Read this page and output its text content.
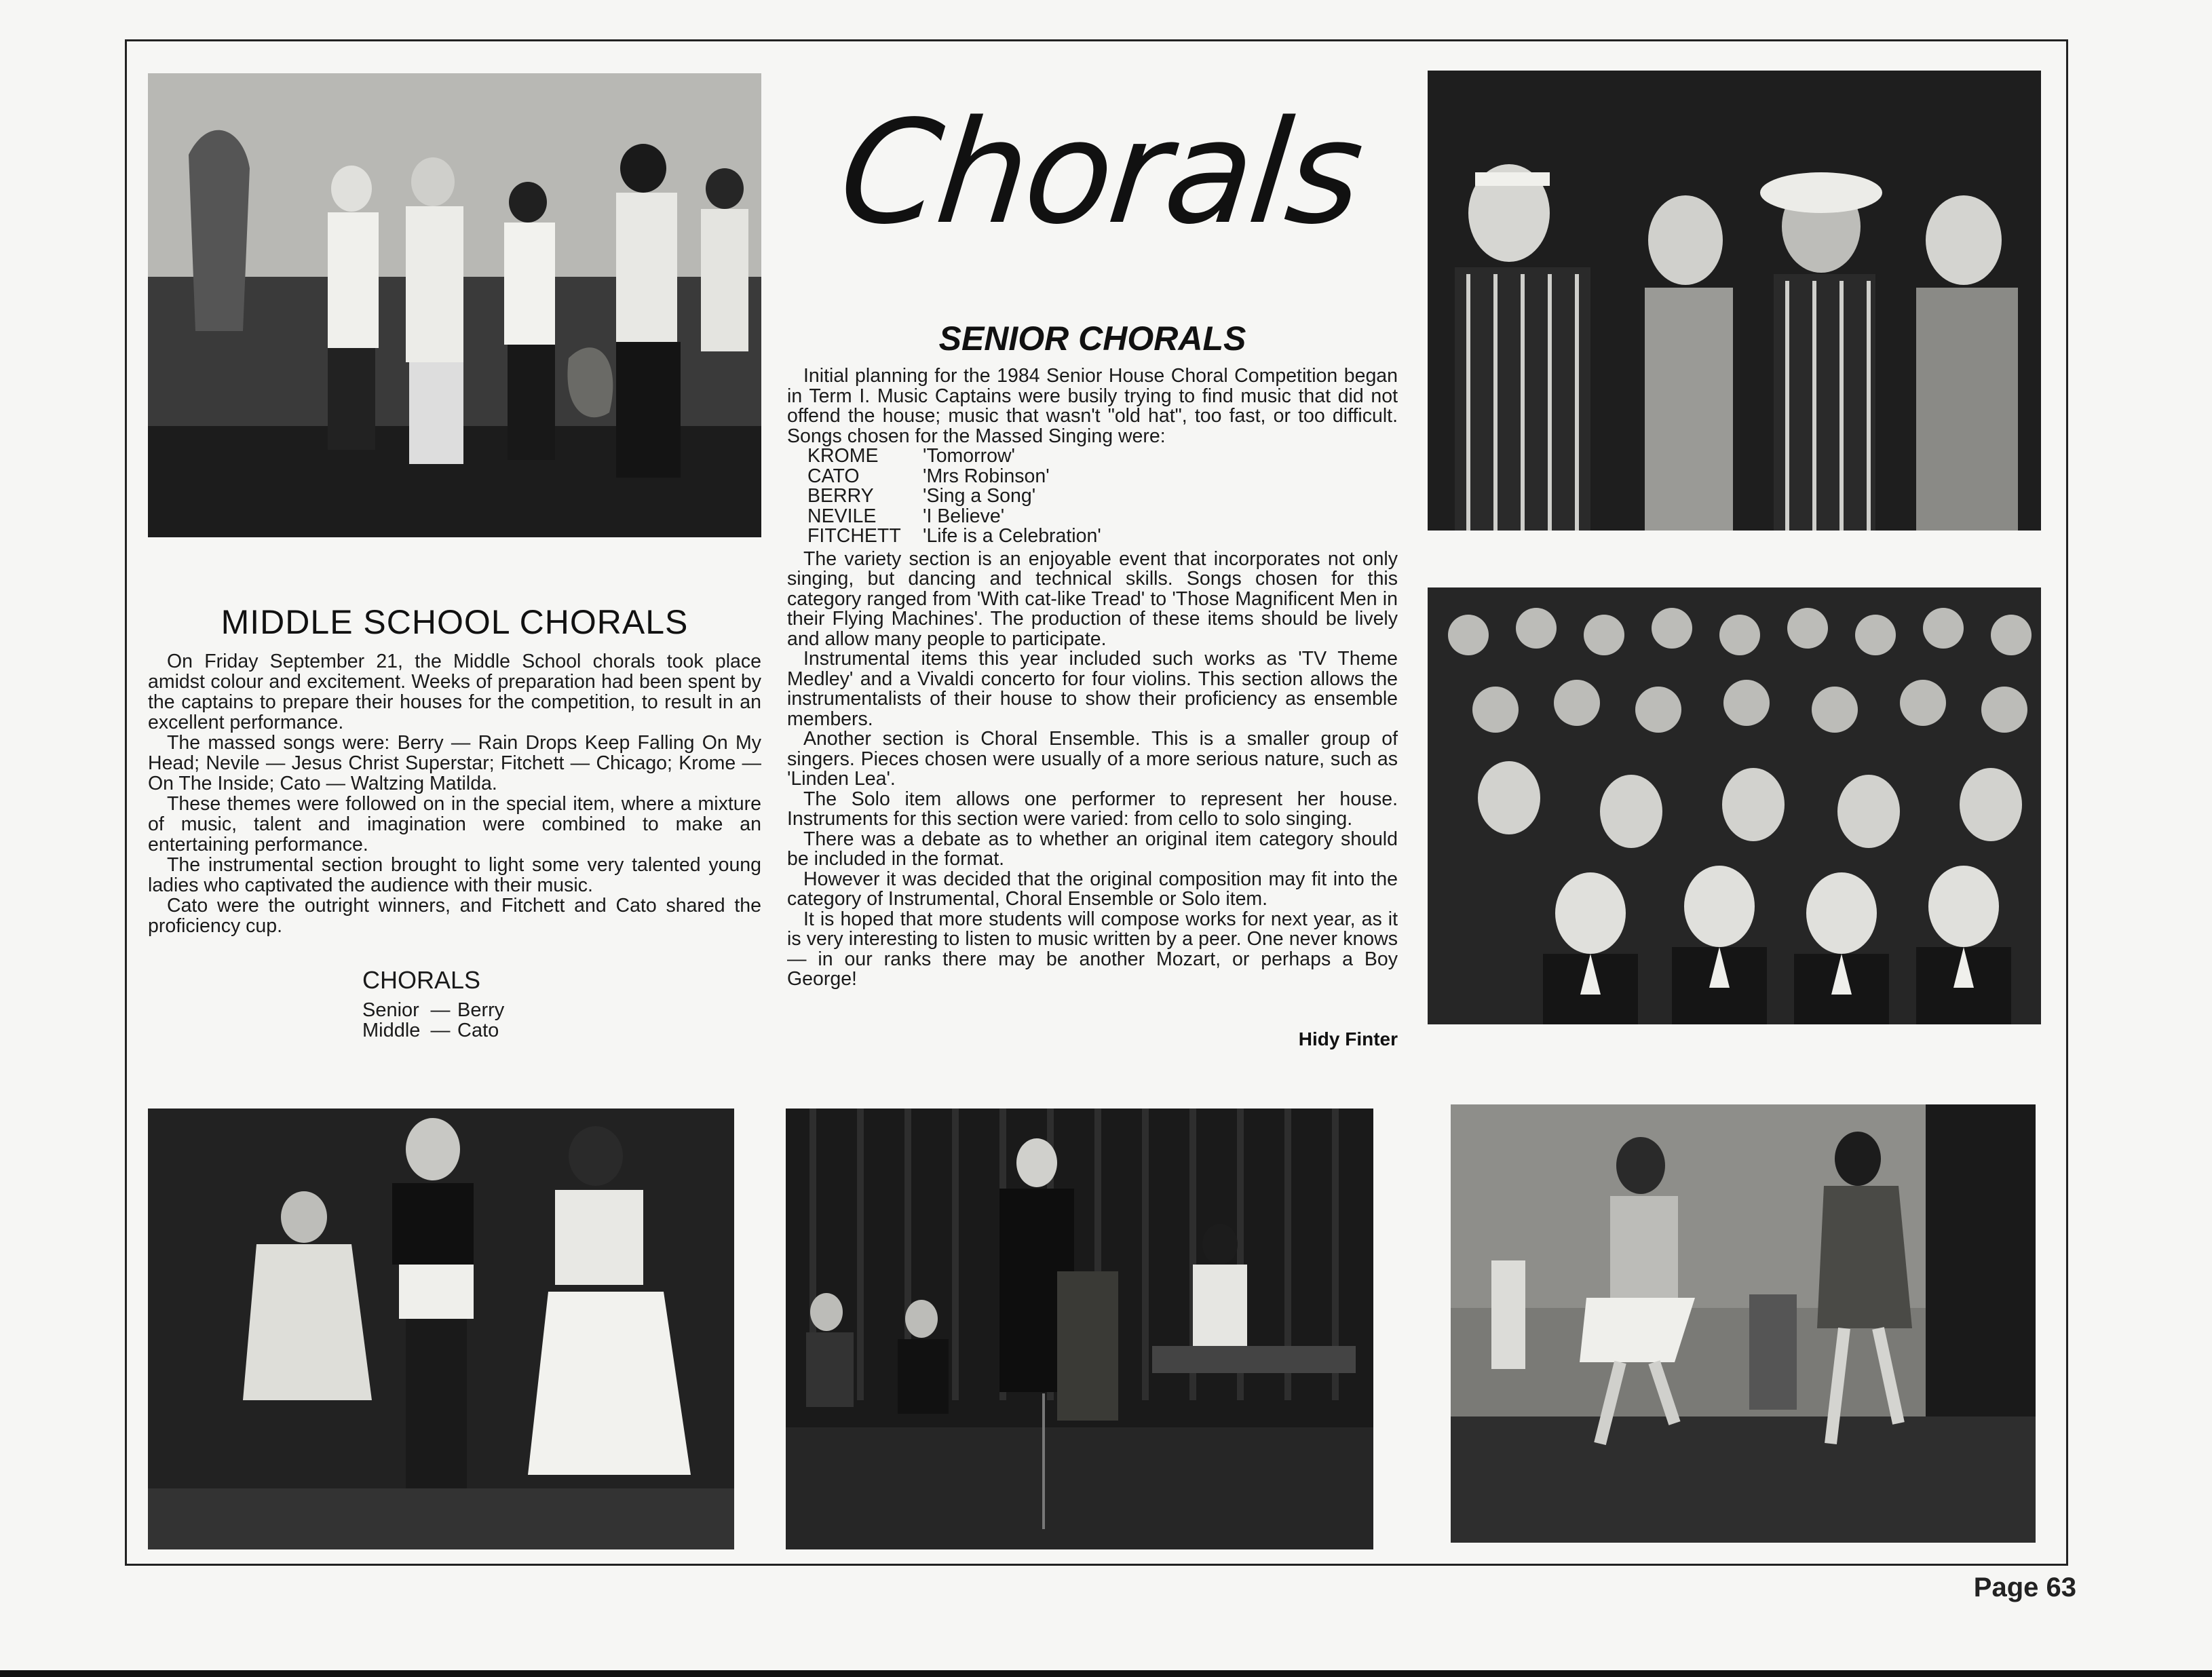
Chorals
SENIOR CHORALS

Initial planning for the 1984 Senior House Choral Competition began in Term I. Music Captains were busily trying to find music that did not offend the house; music that wasn't "old hat", too fast, or too difficult. Songs chosen for the Massed Singing were:

KROME	'Tomorrow'
CATO	'Mrs Robinson'
BERRY	'Sing a Song'
NEVILE	'I Believe'
FITCHETT	'Life is a Celebration'

The variety section is an enjoyable event that incorporates not only singing, but dancing and technical skills. Songs chosen for this category ranged from 'With cat-like Tread' to 'Those Magnificent Men in their Flying Machines'. The production of these items should be lively and allow many people to participate.

Instrumental items this year included such works as 'TV Theme Medley' and a Vivaldi concerto for four violins. This section allows the instrumentalists of their house to show their proficiency as ensemble members.

Another section is Choral Ensemble. This is a smaller group of singers. Pieces chosen were usually of a more serious nature, such as 'Linden Lea'.

The Solo item allows one performer to represent her house. Instruments for this section were varied: from cello to solo singing.

There was a debate as to whether an original item category should be included in the format.

However it was decided that the original composition may fit into the category of Instrumental, Choral Ensemble or Solo item.

It is hoped that more students will compose works for next year, as it is very interesting to listen to music written by a peer. One never knows — in our ranks there may be another Mozart, or perhaps a Boy George!

Hidy Finter
MIDDLE SCHOOL CHORALS

On Friday September 21, the Middle School chorals took place amidst colour and excitement. Weeks of preparation had been spent by the captains to prepare their houses for the competition, to result in an excellent performance.

The massed songs were: Berry — Rain Drops Keep Falling On My Head; Nevile — Jesus Christ Superstar; Fitchett — Chicago; Krome — On The Inside; Cato — Waltzing Matilda.

These themes were followed on in the special item, where a mixture of music, talent and imagination were combined to make an entertaining performance.

The instrumental section brought to light some very talented young ladies who captivated the audience with their music.

Cato were the outright winners, and Fitchett and Cato shared the proficiency cup.

CHORALS
Senior	—	Berry
Middle	—	Cato
Page 63
